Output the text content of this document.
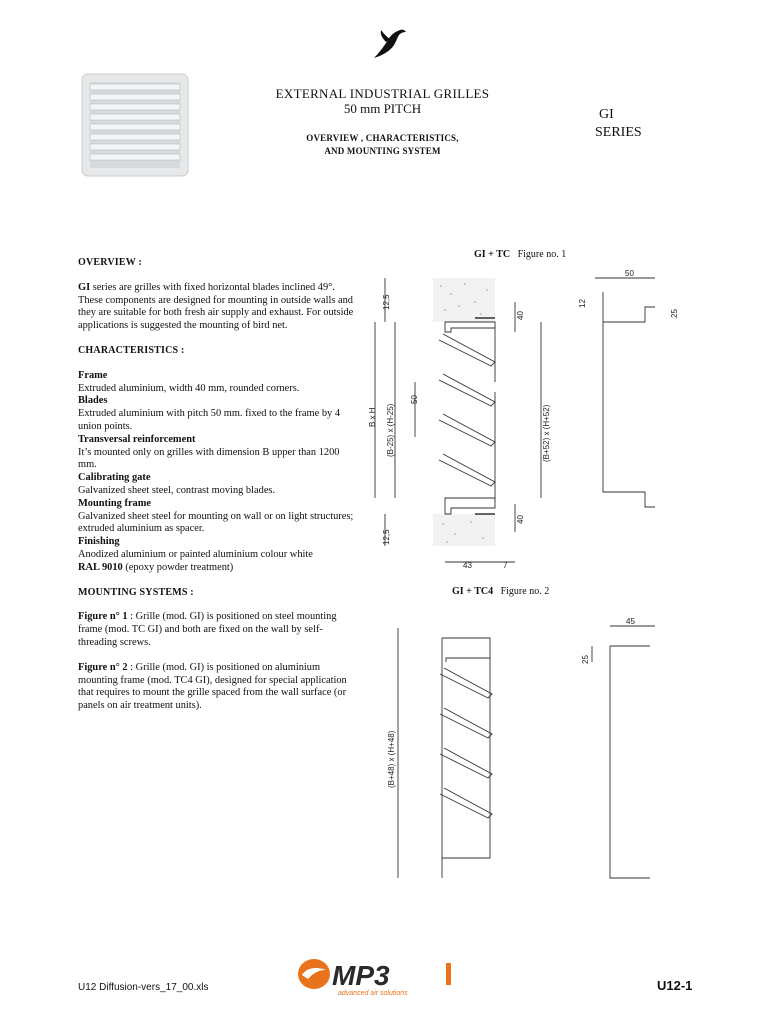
EXTERNAL INDUSTRIAL GRILLES
50 mm PITCH
OVERVIEW , CHARACTERISTICS,
AND MOUNTING SYSTEM
GI
SERIES

OVERVIEW :

GI series are grilles with fixed horizontal blades inclined 49°. These components are designed for mounting in outside walls and they are suitable for both fresh air supply and exhaust. For outside applications is suggested the mounting of bird net.

CHARACTERISTICS :

Frame

Extruded aluminium, width 40 mm, rounded corners.

Blades

Extruded aluminium with pitch 50 mm. fixed to the frame by 4 union points.

Transversal reinforcement

It’s mounted only on grilles with dimension B upper than 1200 mm.

Calibrating gate

Galvanized sheet steel, contrast moving blades.

Mounting frame

Galvanized sheet steel for mounting on wall or on light structures; extruded aluminium as spacer.

Finishing

Anodized aluminium or painted aluminium colour white

RAL 9010 (epoxy powder treatment)

MOUNTING SYSTEMS :

Figure n° 1 : Grille (mod. GI) is positioned on steel mounting frame (mod. TC GI) and both are fixed on the wall by self-threading screws.

Figure n° 2 : Grille (mod. GI) is positioned on aluminium mounting frame (mod. TC4 GI), designed for special application that requires to mount the grille spaced from the wall surface (or panels on air treatment units).

GI + TC Figure no. 1
GI + TC4 Figure no. 2
12,5
40
50
B x H (B-25) x (H-25)	(B+52) x (H+52)
40
12,5
43	7
50
12
25
(B+48) x (H+48)
45
25
U12 Diffusion-vers_17_00.xls	MP3
advanced air solutions
U12-1
